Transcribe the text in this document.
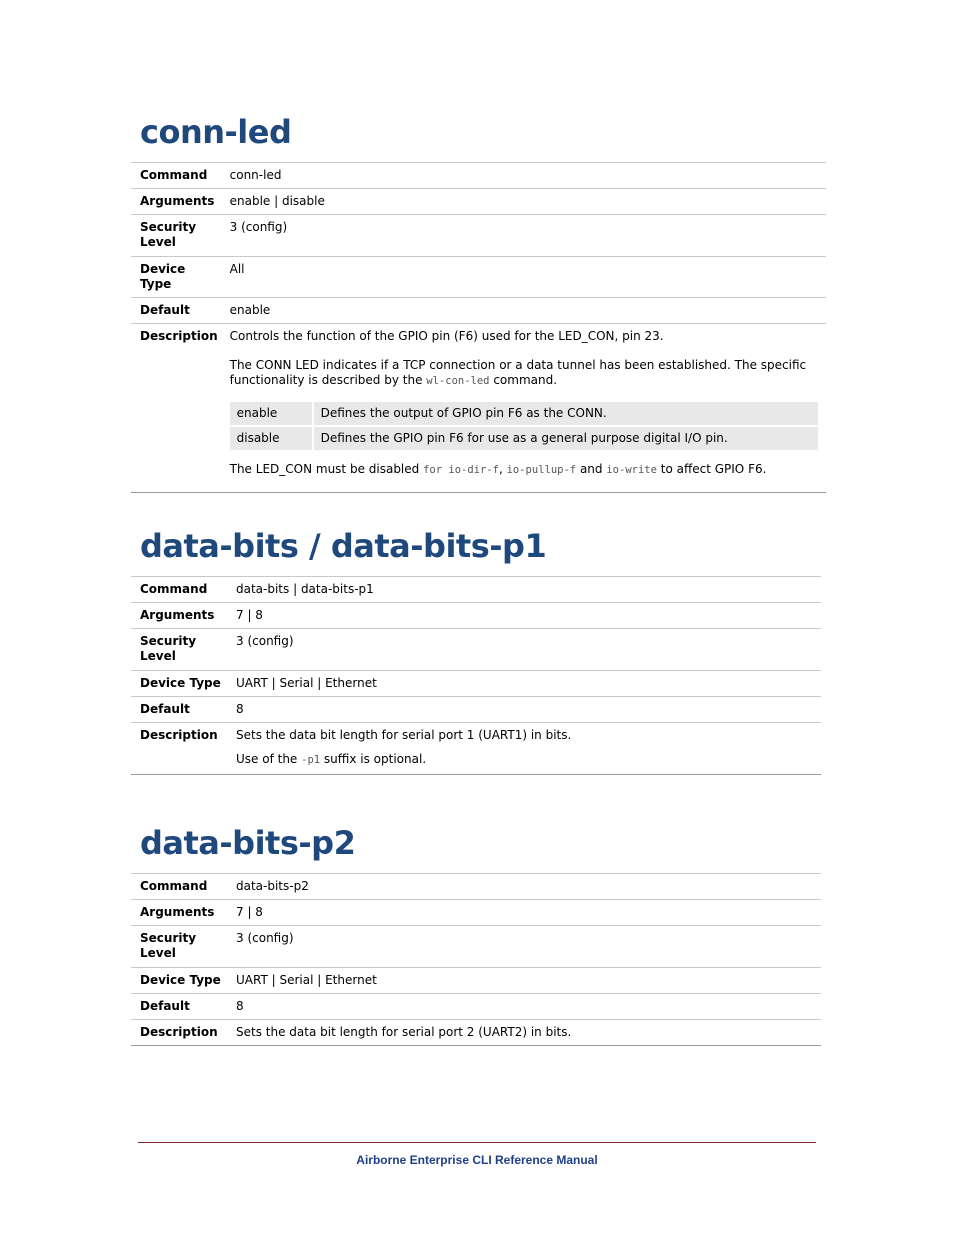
conn-led
Command	conn-led
Arguments	enable | disable
Security Level	3 (config)
Device Type	All
Default	enable
Description	Controls the function of the GPIO pin (F6) used for the LED_CON, pin 23.

The CONN LED indicates if a TCP connection or a data tunnel has been established. The specific functionality is described by the wl-con-led command.

enable	Defines the output of GPIO pin F6 as the CONN.
disable	Defines the GPIO pin F6 for use as a general purpose digital I/O pin.

The LED_CON must be disabled for io-dir-f, io-pullup-f and io-write to affect GPIO F6.

data-bits / data-bits-p1
Command	data-bits | data-bits-p1
Arguments	7 | 8
Security Level	3 (config)
Device Type	UART | Serial | Ethernet
Default	8
Description	Sets the data bit length for serial port 1 (UART1) in bits.

Use of the -p1 suffix is optional.

data-bits-p2
Command	data-bits-p2
Arguments	7 | 8
Security Level	3 (config)
Device Type	UART | Serial | Ethernet
Default	8
Description	Sets the data bit length for serial port 2 (UART2) in bits.
Airborne Enterprise CLI Reference Manual
